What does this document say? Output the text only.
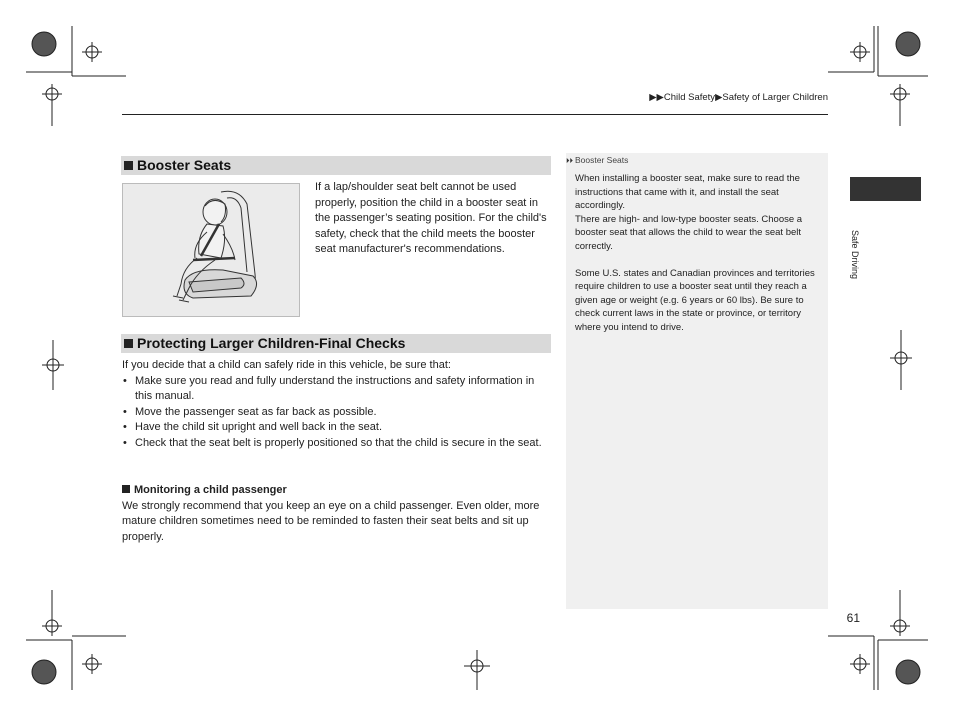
▶▶Child Safety▶Safety of Larger Children
Booster Seats
If a lap/shoulder seat belt cannot be used properly, position the child in a booster seat in the passenger’s seating position. For the child's safety, check that the child meets the booster seat manufacturer's recommendations.
Protecting Larger Children-Final Checks
If you decide that a child can safely ride in this vehicle, be sure that:
• Make sure you read and fully understand the instructions and safety information in this manual.
• Move the passenger seat as far back as possible.
• Have the child sit upright and well back in the seat.
• Check that the seat belt is properly positioned so that the child is secure in the seat.
Monitoring a child passenger
We strongly recommend that you keep an eye on a child passenger. Even older, more mature children sometimes need to be reminded to fasten their seat belts and sit up properly.
⏵⏵ Booster Seats

When installing a booster seat, make sure to read the instructions that came with it, and install the seat accordingly.

There are high- and low-type booster seats. Choose a booster seat that allows the child to wear the seat belt correctly.

Some U.S. states and Canadian provinces and territories require children to use a booster seat until they reach a given age or weight (e.g. 6 years or 60 lbs). Be sure to check current laws in the state or province, or territory where you intend to drive.

Safe Driving
61
